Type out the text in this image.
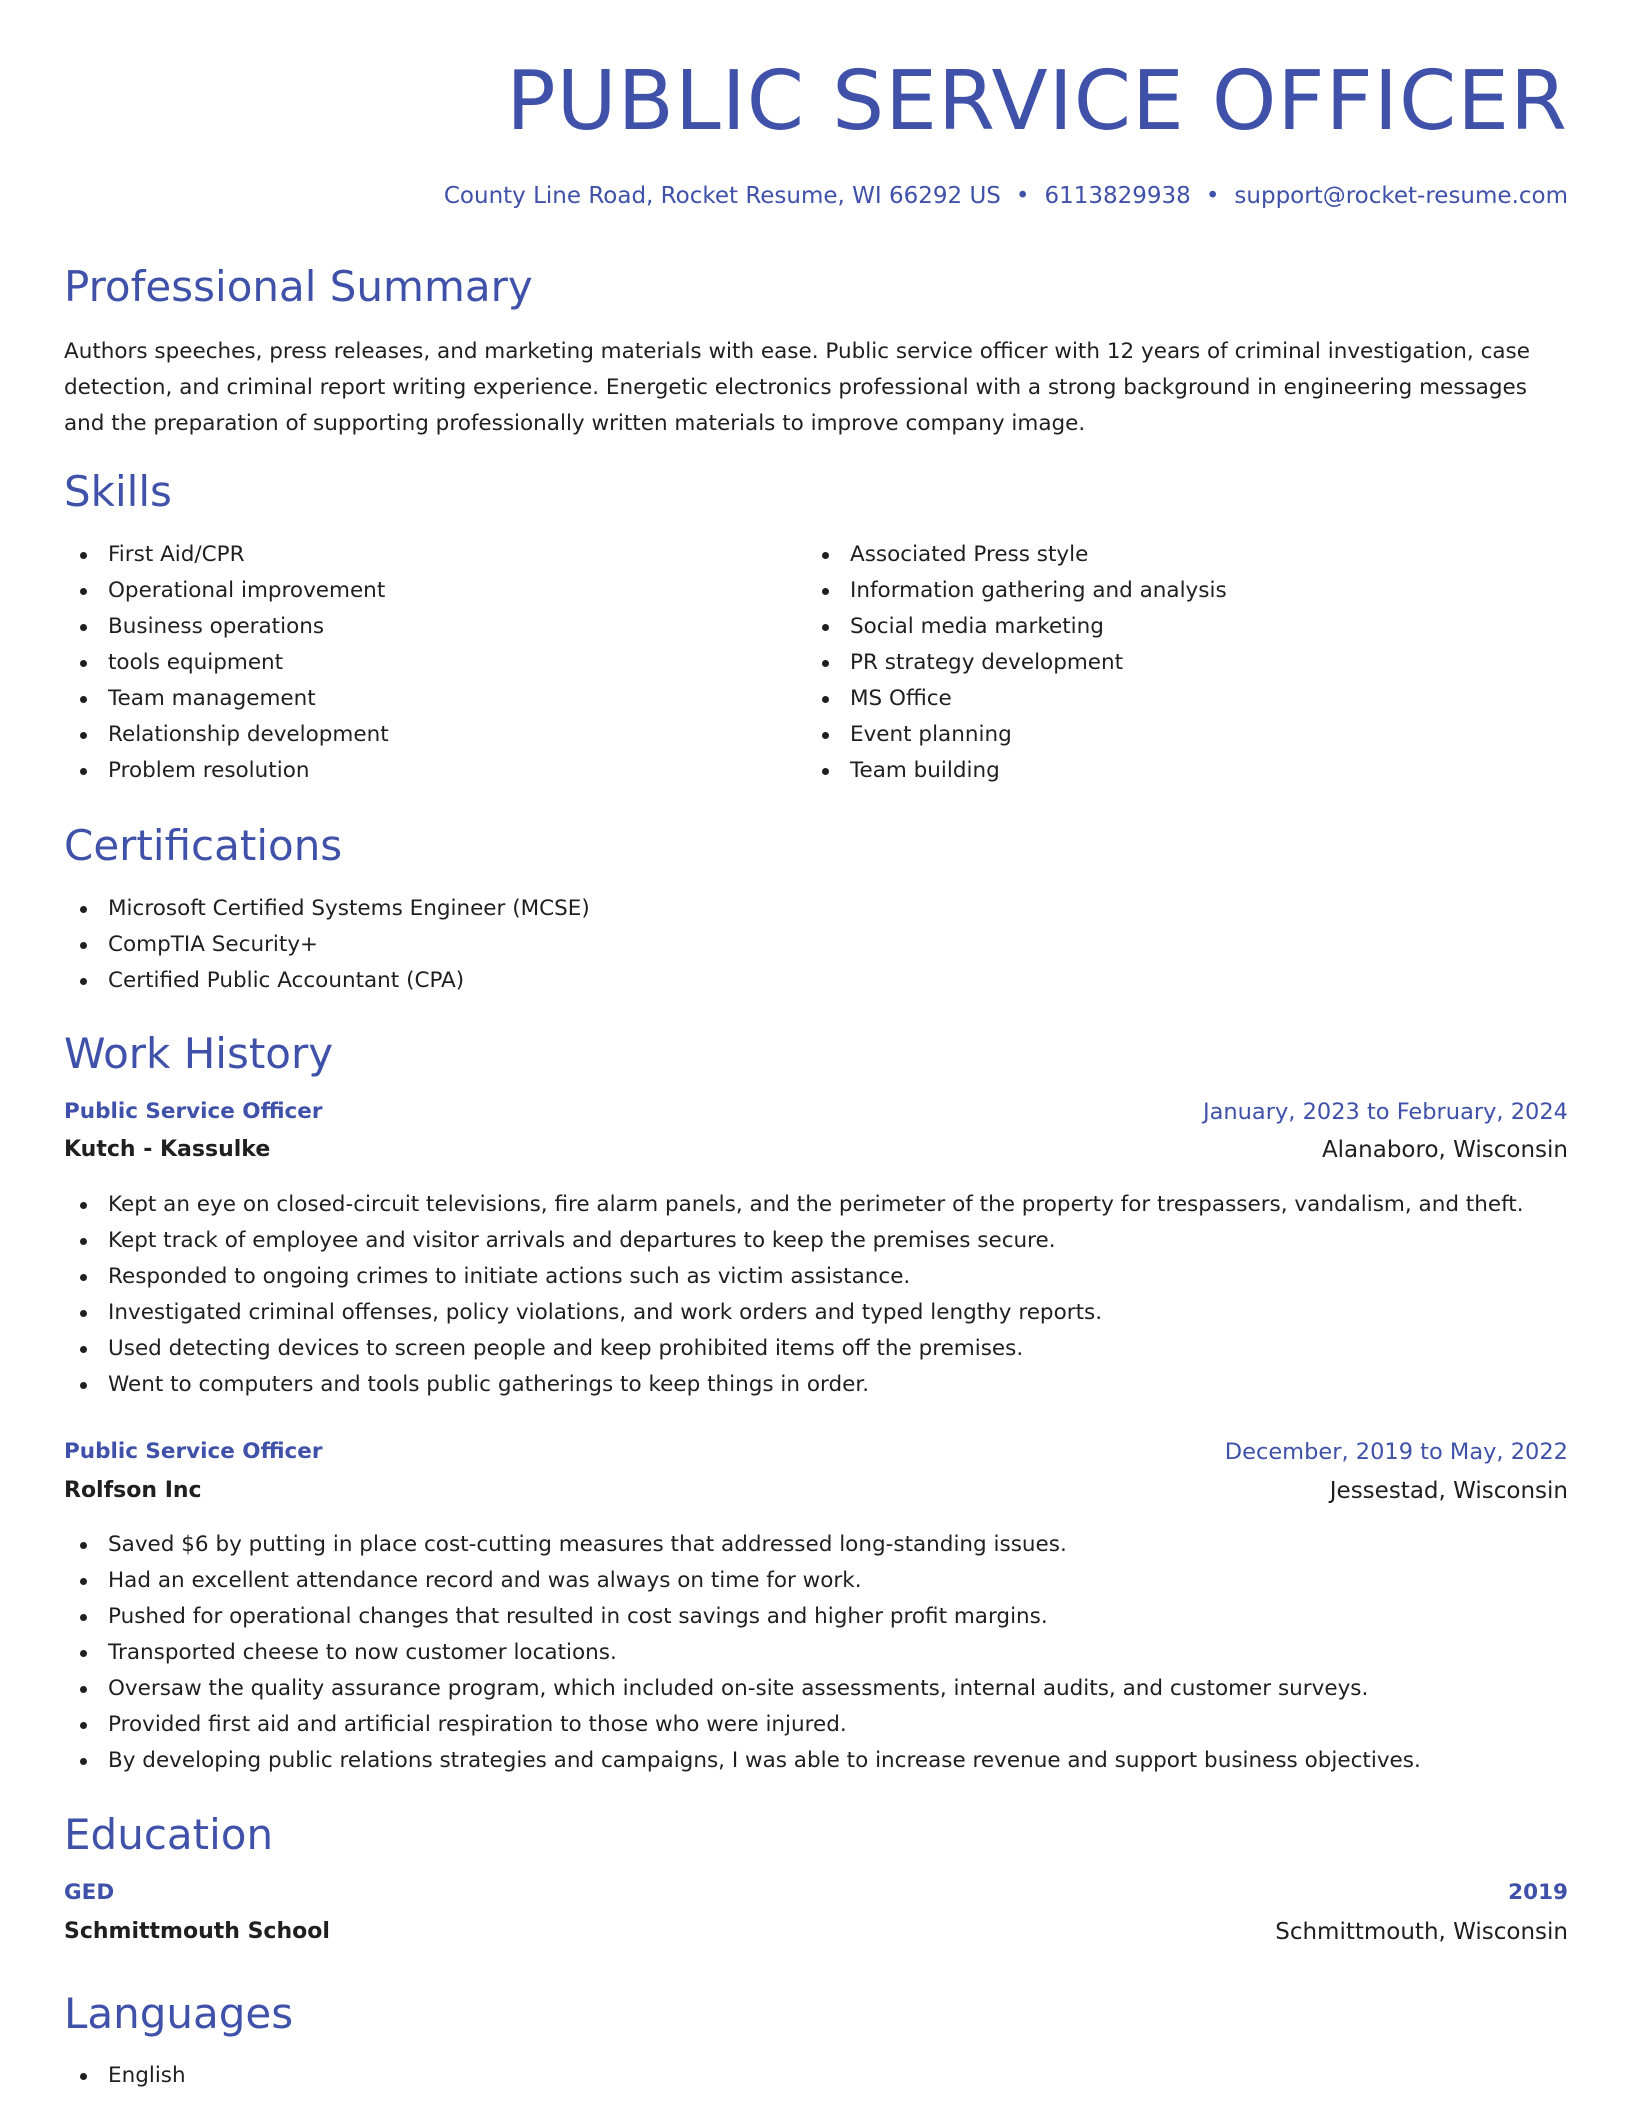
PUBLIC SERVICE OFFICER
County Line Road, Rocket Resume, WI 66292 US • 6113829938 • support@rocket-resume.com
Professional Summary
Authors speeches, press releases, and marketing materials with ease. Public service officer with 12 years of criminal investigation, case detection, and criminal report writing experience. Energetic electronics professional with a strong background in engineering messages and the preparation of supporting professionally written materials to improve company image.
Skills
First Aid/CPR
Operational improvement
Business operations
tools equipment
Team management
Relationship development
Problem resolution
Associated Press style
Information gathering and analysis
Social media marketing
PR strategy development
MS Office
Event planning
Team building
Certifications
Microsoft Certified Systems Engineer (MCSE)
CompTIA Security+
Certified Public Accountant (CPA)
Work History
Public Service Officer	January, 2023 to February, 2024
Kutch - Kassulke	Alanaboro, Wisconsin
Kept an eye on closed-circuit televisions, fire alarm panels, and the perimeter of the property for trespassers, vandalism, and theft.
Kept track of employee and visitor arrivals and departures to keep the premises secure.
Responded to ongoing crimes to initiate actions such as victim assistance.
Investigated criminal offenses, policy violations, and work orders and typed lengthy reports.
Used detecting devices to screen people and keep prohibited items off the premises.
Went to computers and tools public gatherings to keep things in order.
Public Service Officer	December, 2019 to May, 2022
Rolfson Inc	Jessestad, Wisconsin
Saved $6 by putting in place cost-cutting measures that addressed long-standing issues.
Had an excellent attendance record and was always on time for work.
Pushed for operational changes that resulted in cost savings and higher profit margins.
Transported cheese to now customer locations.
Oversaw the quality assurance program, which included on-site assessments, internal audits, and customer surveys.
Provided first aid and artificial respiration to those who were injured.
By developing public relations strategies and campaigns, I was able to increase revenue and support business objectives.
Education
GED	2019
Schmittmouth School	Schmittmouth, Wisconsin
Languages
English
